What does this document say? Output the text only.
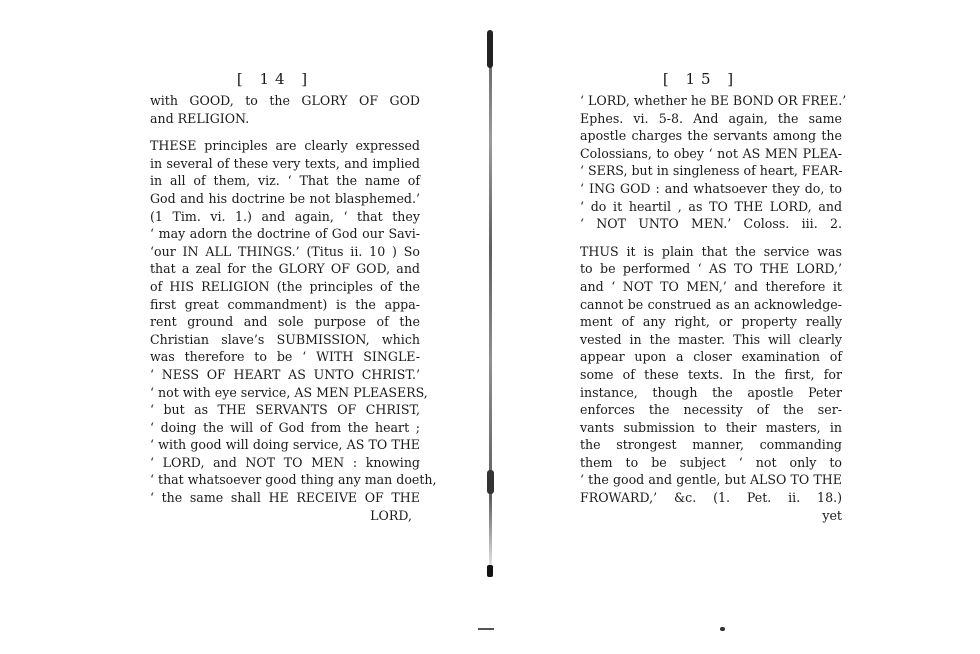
[ 14 ]
with GOOD, to the GLORY OF GOD
and RELIGION.
THESE principles are clearly expressed
in several of these very texts, and implied
in all of them, viz. ‘ That the name of
God and his doctrine be not blasphemed.’
(1 Tim. vi. 1.) and again, ‘ that they
‘ may adorn the doctrine of God our Savi-
‘our IN ALL THINGS.’ (Titus ii. 10 ) So
that a zeal for the GLORY OF GOD, and
of HIS RELIGION (the principles of the
first great commandment) is the appa-
rent ground and sole purpose of the
Christian slave’s SUBMISSION, which
was therefore to be ‘ WITH SINGLE-
‘ NESS OF HEART AS UNTO CHRIST.’
‘ not with eye service, AS MEN PLEASERS,
‘ but as THE SERVANTS OF CHRIST,
‘ doing the will of God from the heart ;
‘ with good will doing service, AS TO THE
‘ LORD, and NOT TO MEN : knowing
‘ that whatsoever good thing any man doeth,
‘ the same shall HE RECEIVE OF THE
LORD,
[ 15 ]
‘ LORD, whether he BE BOND OR FREE.’
Ephes. vi. 5-8. And again, the same
apostle charges the servants among the
Colossians, to obey ‘ not AS MEN PLEA-
‘ SERS, but in singleness of heart, FEAR-
‘ ING GOD : and whatsoever they do, to
‘ do it heartil , as TO THE LORD, and
‘ NOT UNTO MEN.’ Coloss. iii. 2.
THUS it is plain that the service was
to be performed ‘ AS TO THE LORD,’
and ‘ NOT TO MEN,’ and therefore it
cannot be construed as an acknowledge-
ment of any right, or property really
vested in the master. This will clearly
appear upon a closer examination of
some of these texts. In the first, for
instance, though the apostle Peter
enforces the necessity of the ser-
vants submission to their masters, in
the strongest manner, commanding
them to be subject ‘ not only to
‘ the good and gentle, but ALSO TO THE
FROWARD,’ &c. (1. Pet. ii. 18.)
yet
